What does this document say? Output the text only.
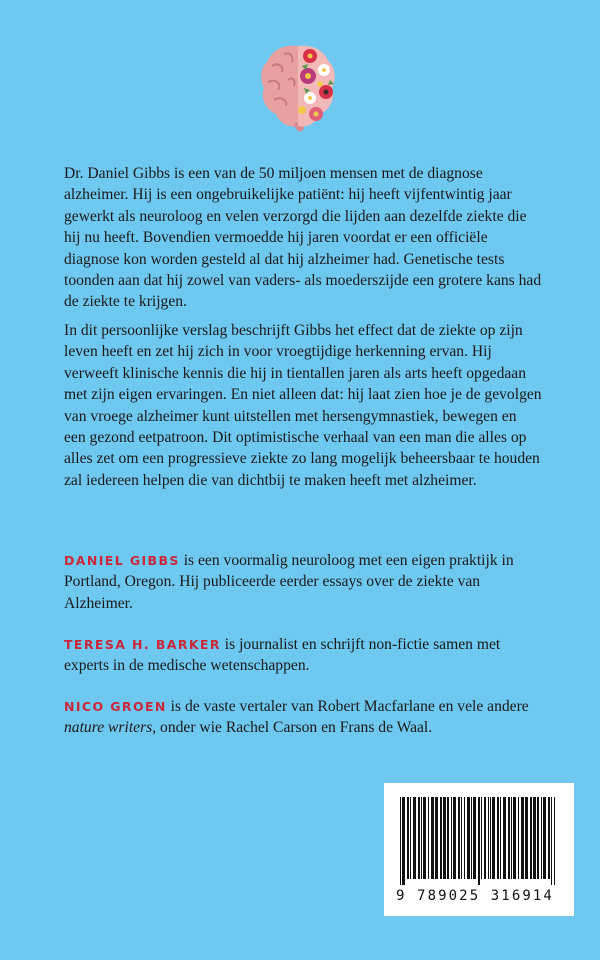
Dr. Daniel Gibbs is een van de 50 miljoen mensen met de diagnose alzheimer. Hij is een ongebruikelijke patiënt: hij heeft vijfentwintig jaar gewerkt als neuroloog en velen verzorgd die lijden aan dezelfde ziekte die hij nu heeft. Bovendien vermoedde hij jaren voordat er een officiële diagnose kon worden gesteld al dat hij alzheimer had. Genetische tests toonden aan dat hij zowel van vaders- als moederszijde een grotere kans had de ziekte te krijgen.

In dit persoonlijke verslag beschrijft Gibbs het effect dat de ziekte op zijn leven heeft en zet hij zich in voor vroegtijdige herkenning ervan. Hij verweeft klinische kennis die hij in tientallen jaren als arts heeft opgedaan met zijn eigen ervaringen. En niet alleen dat: hij laat zien hoe je de gevolgen van vroege alzheimer kunt uitstellen met hersengymnastiek, bewegen en een gezond eetpatroon. Dit optimistische verhaal van een man die alles op alles zet om een progressieve ziekte zo lang mogelijk beheersbaar te houden zal iedereen helpen die van dichtbij te maken heeft met alzheimer.

DANIEL GIBBS is een voormalig neuroloog met een eigen praktijk in Portland, Oregon. Hij publiceerde eerder essays over de ziekte van Alzheimer.

TERESA H. BARKER is journalist en schrijft non-fictie samen met experts in de medische wetenschappen.

NICO GROEN is de vaste vertaler van Robert Macfarlane en vele andere nature writers, onder wie Rachel Carson en Frans de Waal.

9 789025 316914
